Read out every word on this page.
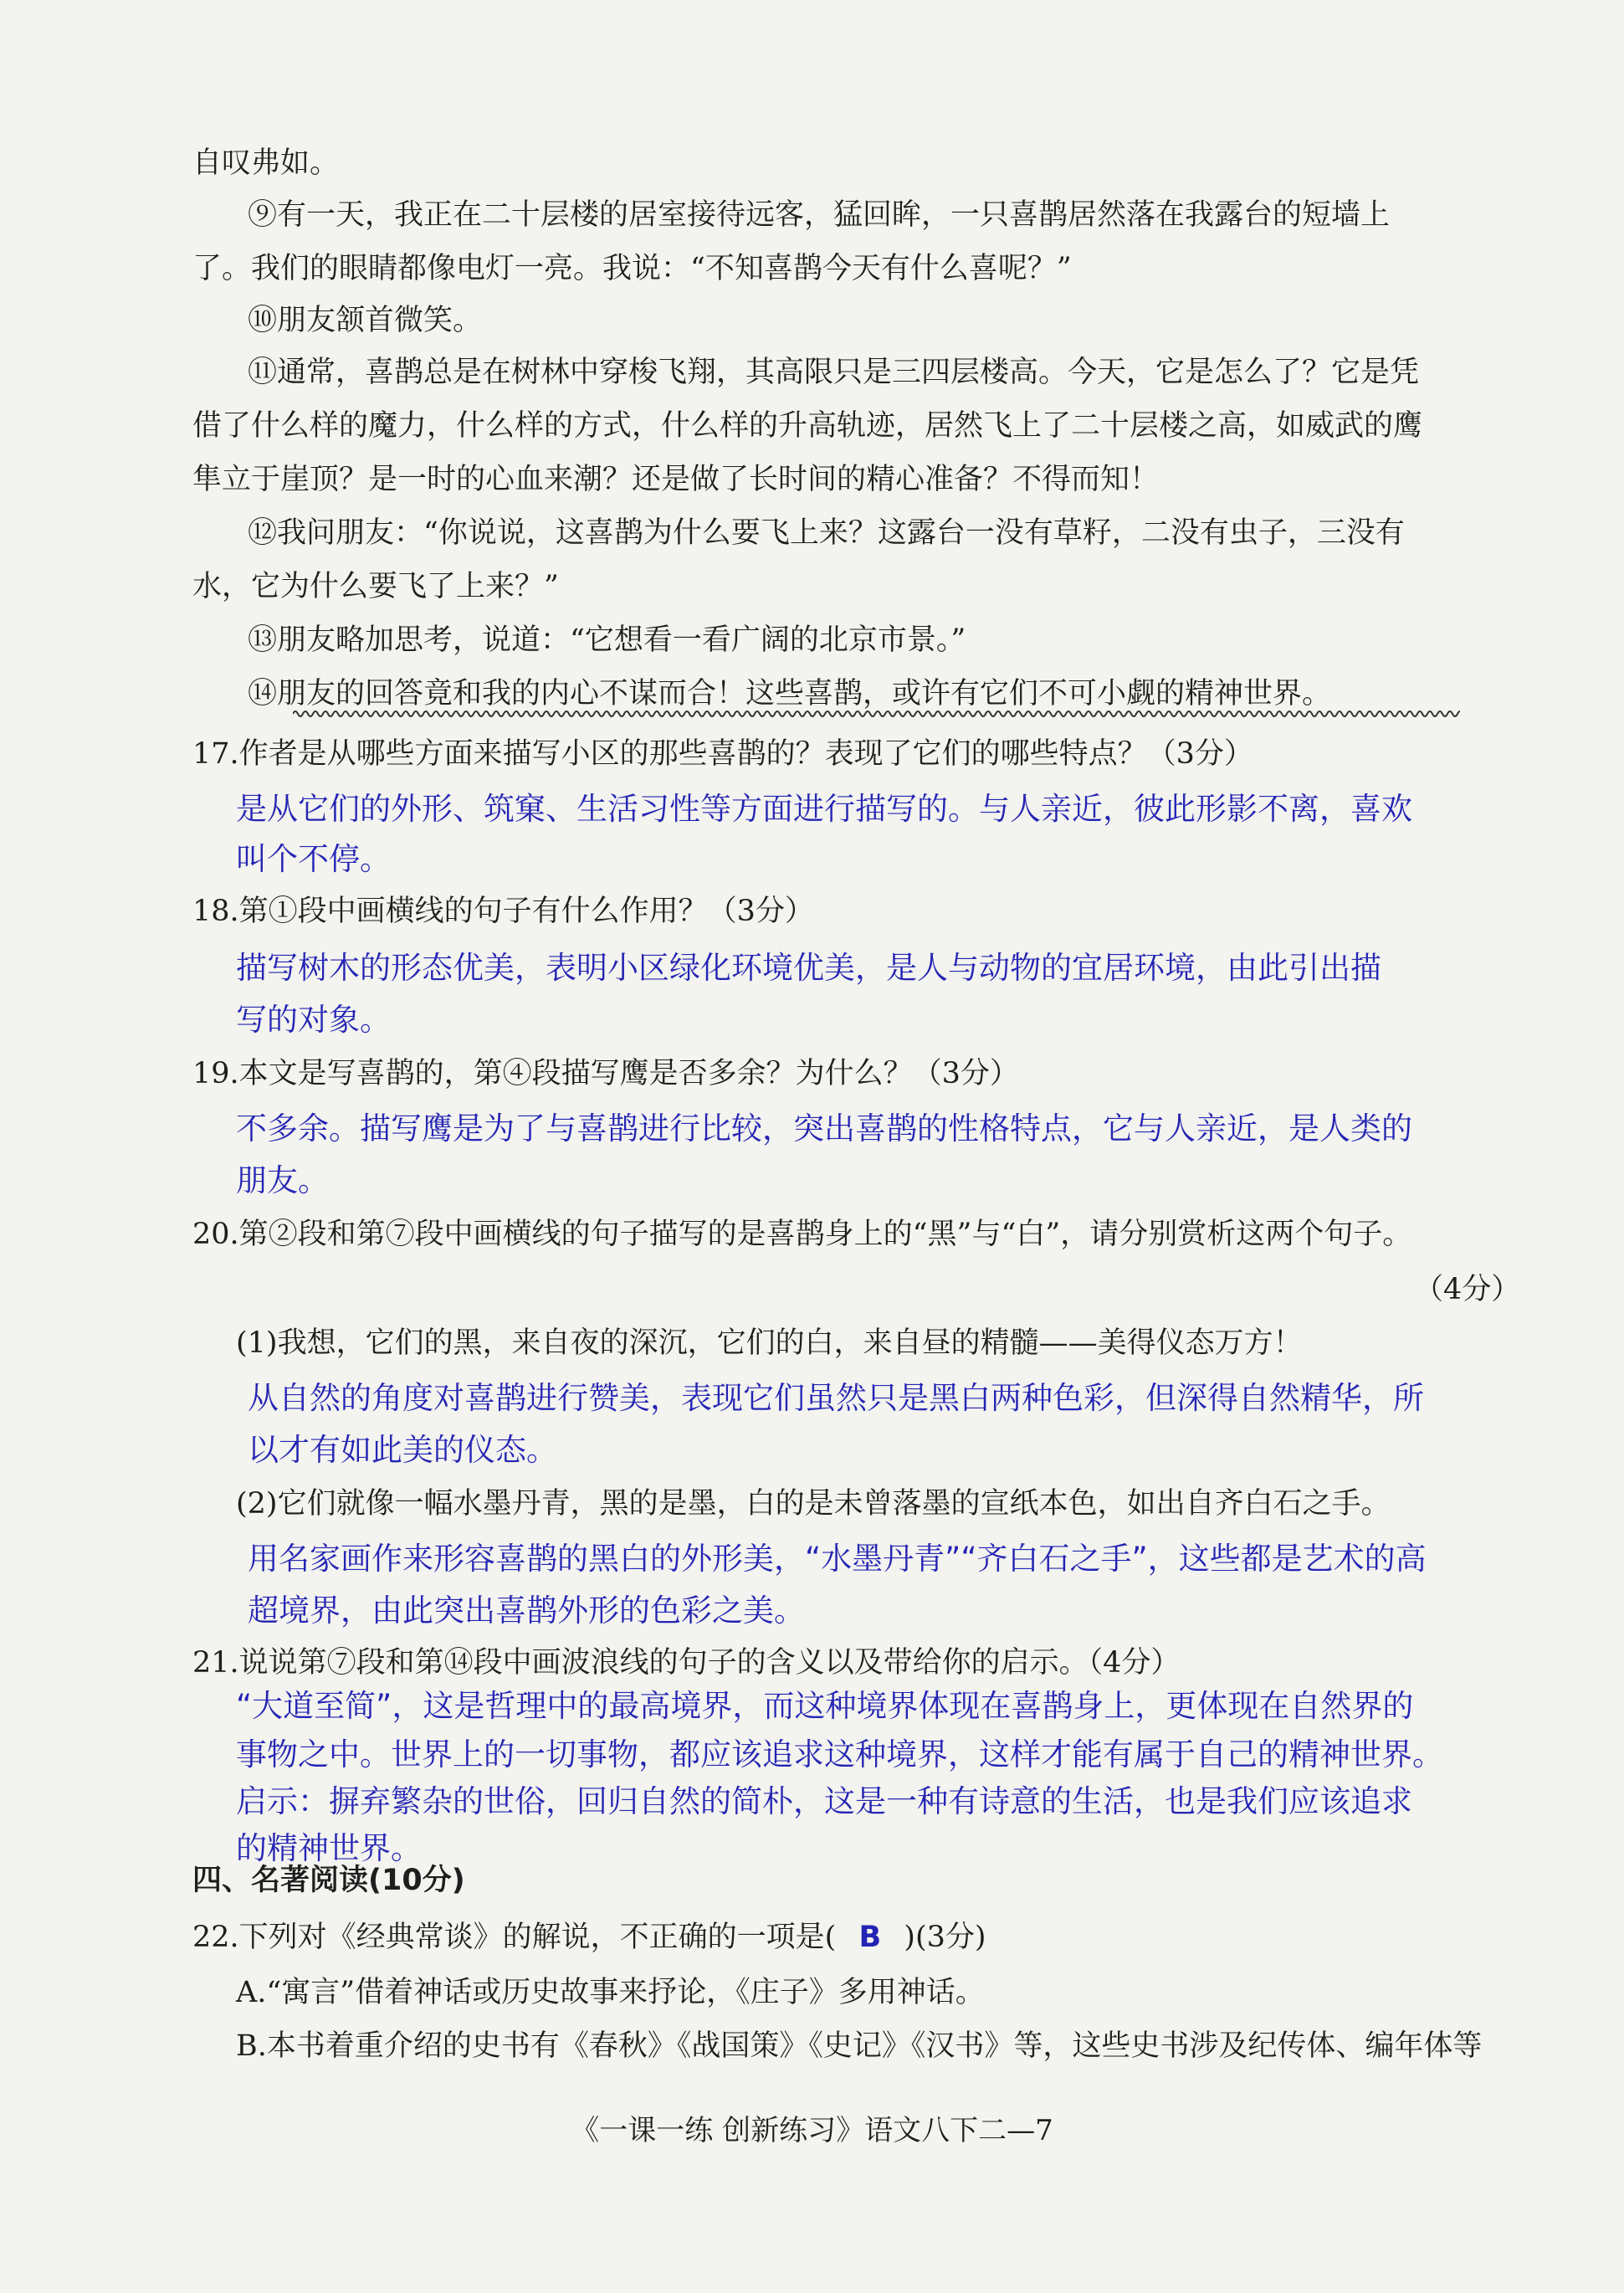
自叹弗如。
⑨有一天，我正在二十层楼的居室接待远客，猛回眸，一只喜鹊居然落在我露台的短墙上
了。我们的眼睛都像电灯一亮。我说：“不知喜鹊今天有什么喜呢？”
⑩朋友颔首微笑。
⑪通常，喜鹊总是在树林中穿梭飞翔，其高限只是三四层楼高。今天，它是怎么了？它是凭
借了什么样的魔力，什么样的方式，什么样的升高轨迹，居然飞上了二十层楼之高，如威武的鹰
隼立于崖顶？是一时的心血来潮？还是做了长时间的精心准备？不得而知！
⑫我问朋友：“你说说，这喜鹊为什么要飞上来？这露台一没有草籽，二没有虫子，三没有
水，它为什么要飞了上来？”
⑬朋友略加思考，说道：“它想看一看广阔的北京市景。”
⑭朋友的回答竟和我的内心不谋而合！这些喜鹊，或许有它们不可小觑的精神世界。
17.作者是从哪些方面来描写小区的那些喜鹊的？表现了它们的哪些特点？（3分）
是从它们的外形、筑窠、生活习性等方面进行描写的。与人亲近，彼此形影不离，喜欢
叫个不停。
18.第①段中画横线的句子有什么作用？（3分）
描写树木的形态优美，表明小区绿化环境优美，是人与动物的宜居环境，由此引出描
写的对象。
19.本文是写喜鹊的，第④段描写鹰是否多余？为什么？（3分）
不多余。描写鹰是为了与喜鹊进行比较，突出喜鹊的性格特点，它与人亲近，是人类的
朋友。
20.第②段和第⑦段中画横线的句子描写的是喜鹊身上的“黑”与“白”，请分别赏析这两个句子。
（4分）
(1)我想，它们的黑，来自夜的深沉，它们的白，来自昼的精髓——美得仪态万方！
从自然的角度对喜鹊进行赞美，表现它们虽然只是黑白两种色彩，但深得自然精华，所
以才有如此美的仪态。
(2)它们就像一幅水墨丹青，黑的是墨，白的是未曾落墨的宣纸本色，如出自齐白石之手。
用名家画作来形容喜鹊的黑白的外形美，“水墨丹青”“齐白石之手”，这些都是艺术的高
超境界，由此突出喜鹊外形的色彩之美。
21.说说第⑦段和第⑭段中画波浪线的句子的含义以及带给你的启示。（4分）
“大道至简”，这是哲理中的最高境界，而这种境界体现在喜鹊身上，更体现在自然界的
事物之中。世界上的一切事物，都应该追求这种境界，这样才能有属于自己的精神世界。
启示：摒弃繁杂的世俗，回归自然的简朴，这是一种有诗意的生活，也是我们应该追求
的精神世界。
四、名著阅读(10分)
22.下列对《经典常谈》的解说，不正确的一项是( B )(3分)
A.“寓言”借着神话或历史故事来抒论，《庄子》多用神话。
B.本书着重介绍的史书有《春秋》《战国策》《史记》《汉书》等，这些史书涉及纪传体、编年体等
《一课一练 创新练习》语文八下二—7
